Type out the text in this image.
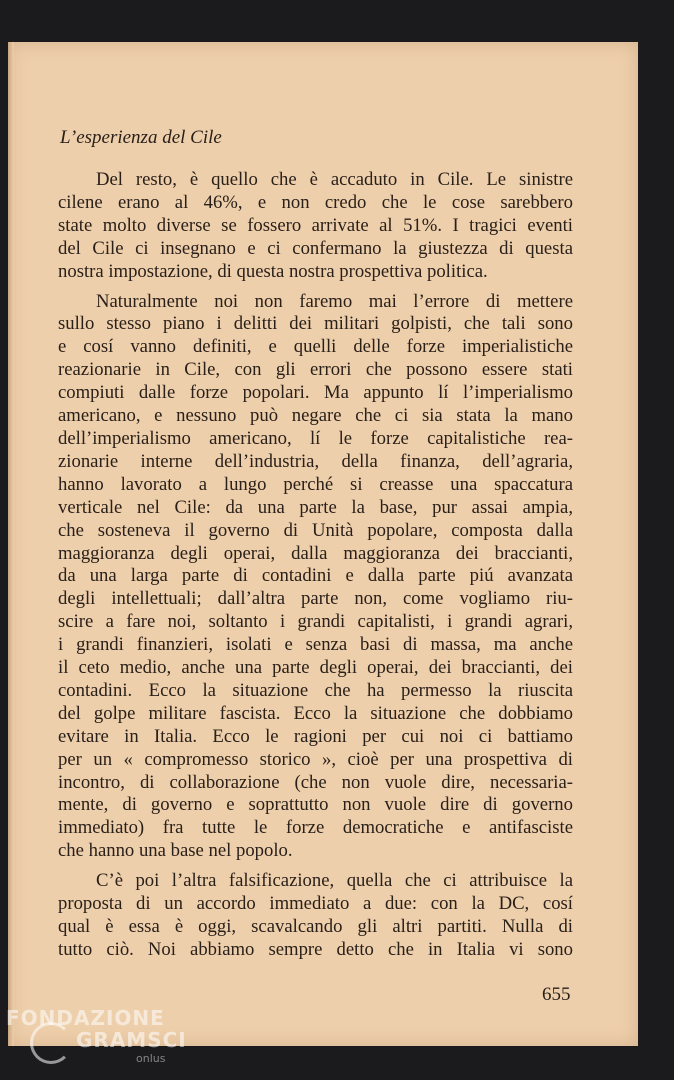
L’esperienza del Cile

Del resto, è quello che è accaduto in Cile. Le sinistre
cilene erano al 46%, e non credo che le cose sarebbero
state molto diverse se fossero arrivate al 51%. I tragici eventi
del Cile ci insegnano e ci confermano la giustezza di questa
nostra impostazione, di questa nostra prospettiva politica.

Naturalmente noi non faremo mai l’errore di mettere
sullo stesso piano i delitti dei militari golpisti, che tali sono
e cosí vanno definiti, e quelli delle forze imperialistiche
reazionarie in Cile, con gli errori che possono essere stati
compiuti dalle forze popolari. Ma appunto lí l’imperialismo
americano, e nessuno può negare che ci sia stata la mano
dell’imperialismo americano, lí le forze capitalistiche rea-
zionarie interne dell’industria, della finanza, dell’agraria,
hanno lavorato a lungo perché si creasse una spaccatura
verticale nel Cile: da una parte la base, pur assai ampia,
che sosteneva il governo di Unità popolare, composta dalla
maggioranza degli operai, dalla maggioranza dei braccianti,
da una larga parte di contadini e dalla parte piú avanzata
degli intellettuali; dall’altra parte non, come vogliamo riu-
scire a fare noi, soltanto i grandi capitalisti, i grandi agrari,
i grandi finanzieri, isolati e senza basi di massa, ma anche
il ceto medio, anche una parte degli operai, dei braccianti, dei
contadini. Ecco la situazione che ha permesso la riuscita
del golpe militare fascista. Ecco la situazione che dobbiamo
evitare in Italia. Ecco le ragioni per cui noi ci battiamo
per un « compromesso storico », cioè per una prospettiva di
incontro, di collaborazione (che non vuole dire, necessaria-
mente, di governo e soprattutto non vuole dire di governo
immediato) fra tutte le forze democratiche e antifasciste
che hanno una base nel popolo.

C’è poi l’altra falsificazione, quella che ci attribuisce la
proposta di un accordo immediato a due: con la DC, cosí
qual è essa è oggi, scavalcando gli altri partiti. Nulla di
tutto ciò. Noi abbiamo sempre detto che in Italia vi sono

655
FONDAZIONE
GRAMSCI
onlus
